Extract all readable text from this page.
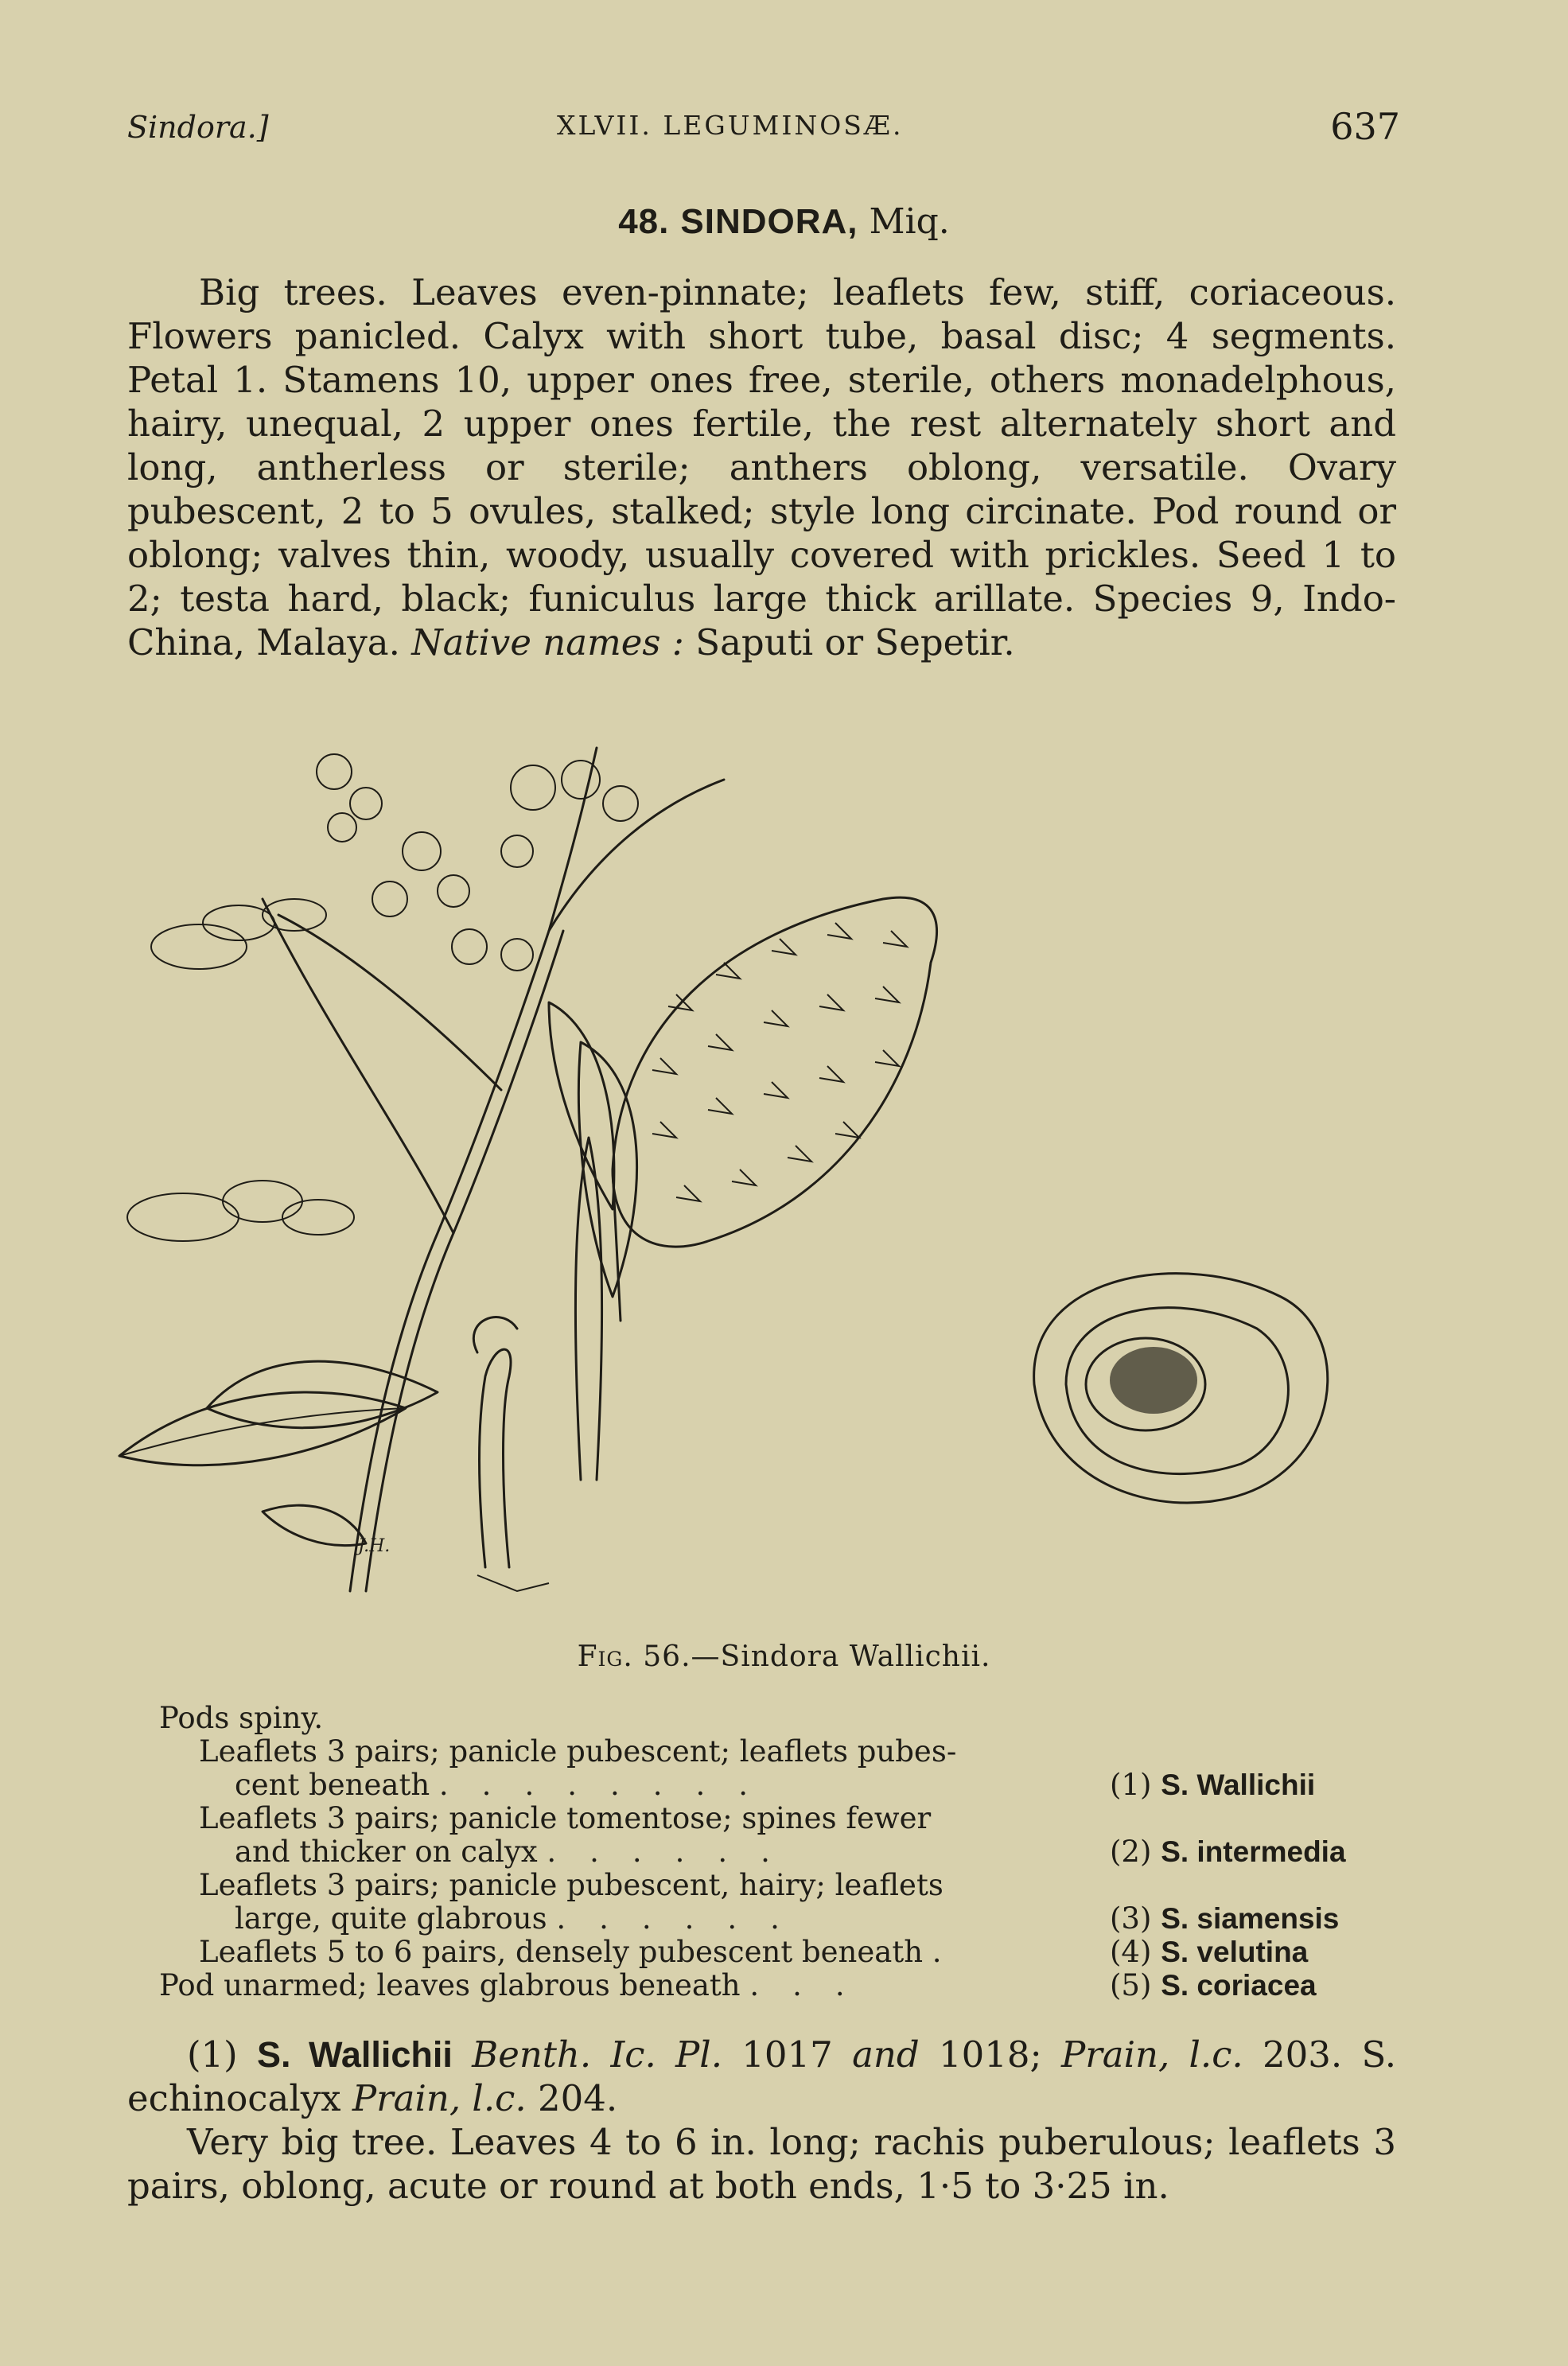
Sindora.]	XLVII. LEGUMINOSÆ.	637
48. SINDORA, Miq.

Big trees. Leaves even-pinnate; leaflets few, stiff, coriaceous. Flowers panicled. Calyx with short tube, basal disc; 4 segments. Petal 1. Stamens 10, upper ones free, sterile, others monadelphous, hairy, unequal, 2 upper ones fertile, the rest alternately short and long, antherless or sterile; anthers oblong, versatile. Ovary pubescent, 2 to 5 ovules, stalked; style long circinate. Pod round or oblong; valves thin, woody, usually covered with prickles. Seed 1 to 2; testa hard, black; funiculus large thick arillate. Species 9, Indo-China, Malaya. Native names : Saputi or Sepetir.

J.H.
Fig. 56.—Sindora Wallichii.
Pods spiny.
Leaflets 3 pairs; panicle pubescent; leaflets pubes-
cent beneath ........	(1) S. Wallichii
Leaflets 3 pairs; panicle tomentose; spines fewer
and thicker on calyx ......	(2) S. intermedia
Leaflets 3 pairs; panicle pubescent, hairy; leaflets
large, quite glabrous ......	(3) S. siamensis
Leaflets 5 to 6 pairs, densely pubescent beneath .	(4) S. velutina
Pod unarmed; leaves glabrous beneath ...	(5) S. coriacea

(1) S. Wallichii Benth. Ic. Pl. 1017 and 1018; Prain, l.c. 203. S. echinocalyx Prain, l.c. 204.

Very big tree. Leaves 4 to 6 in. long; rachis puberulous; leaflets 3 pairs, oblong, acute or round at both ends, 1·5 to 3·25 in.
